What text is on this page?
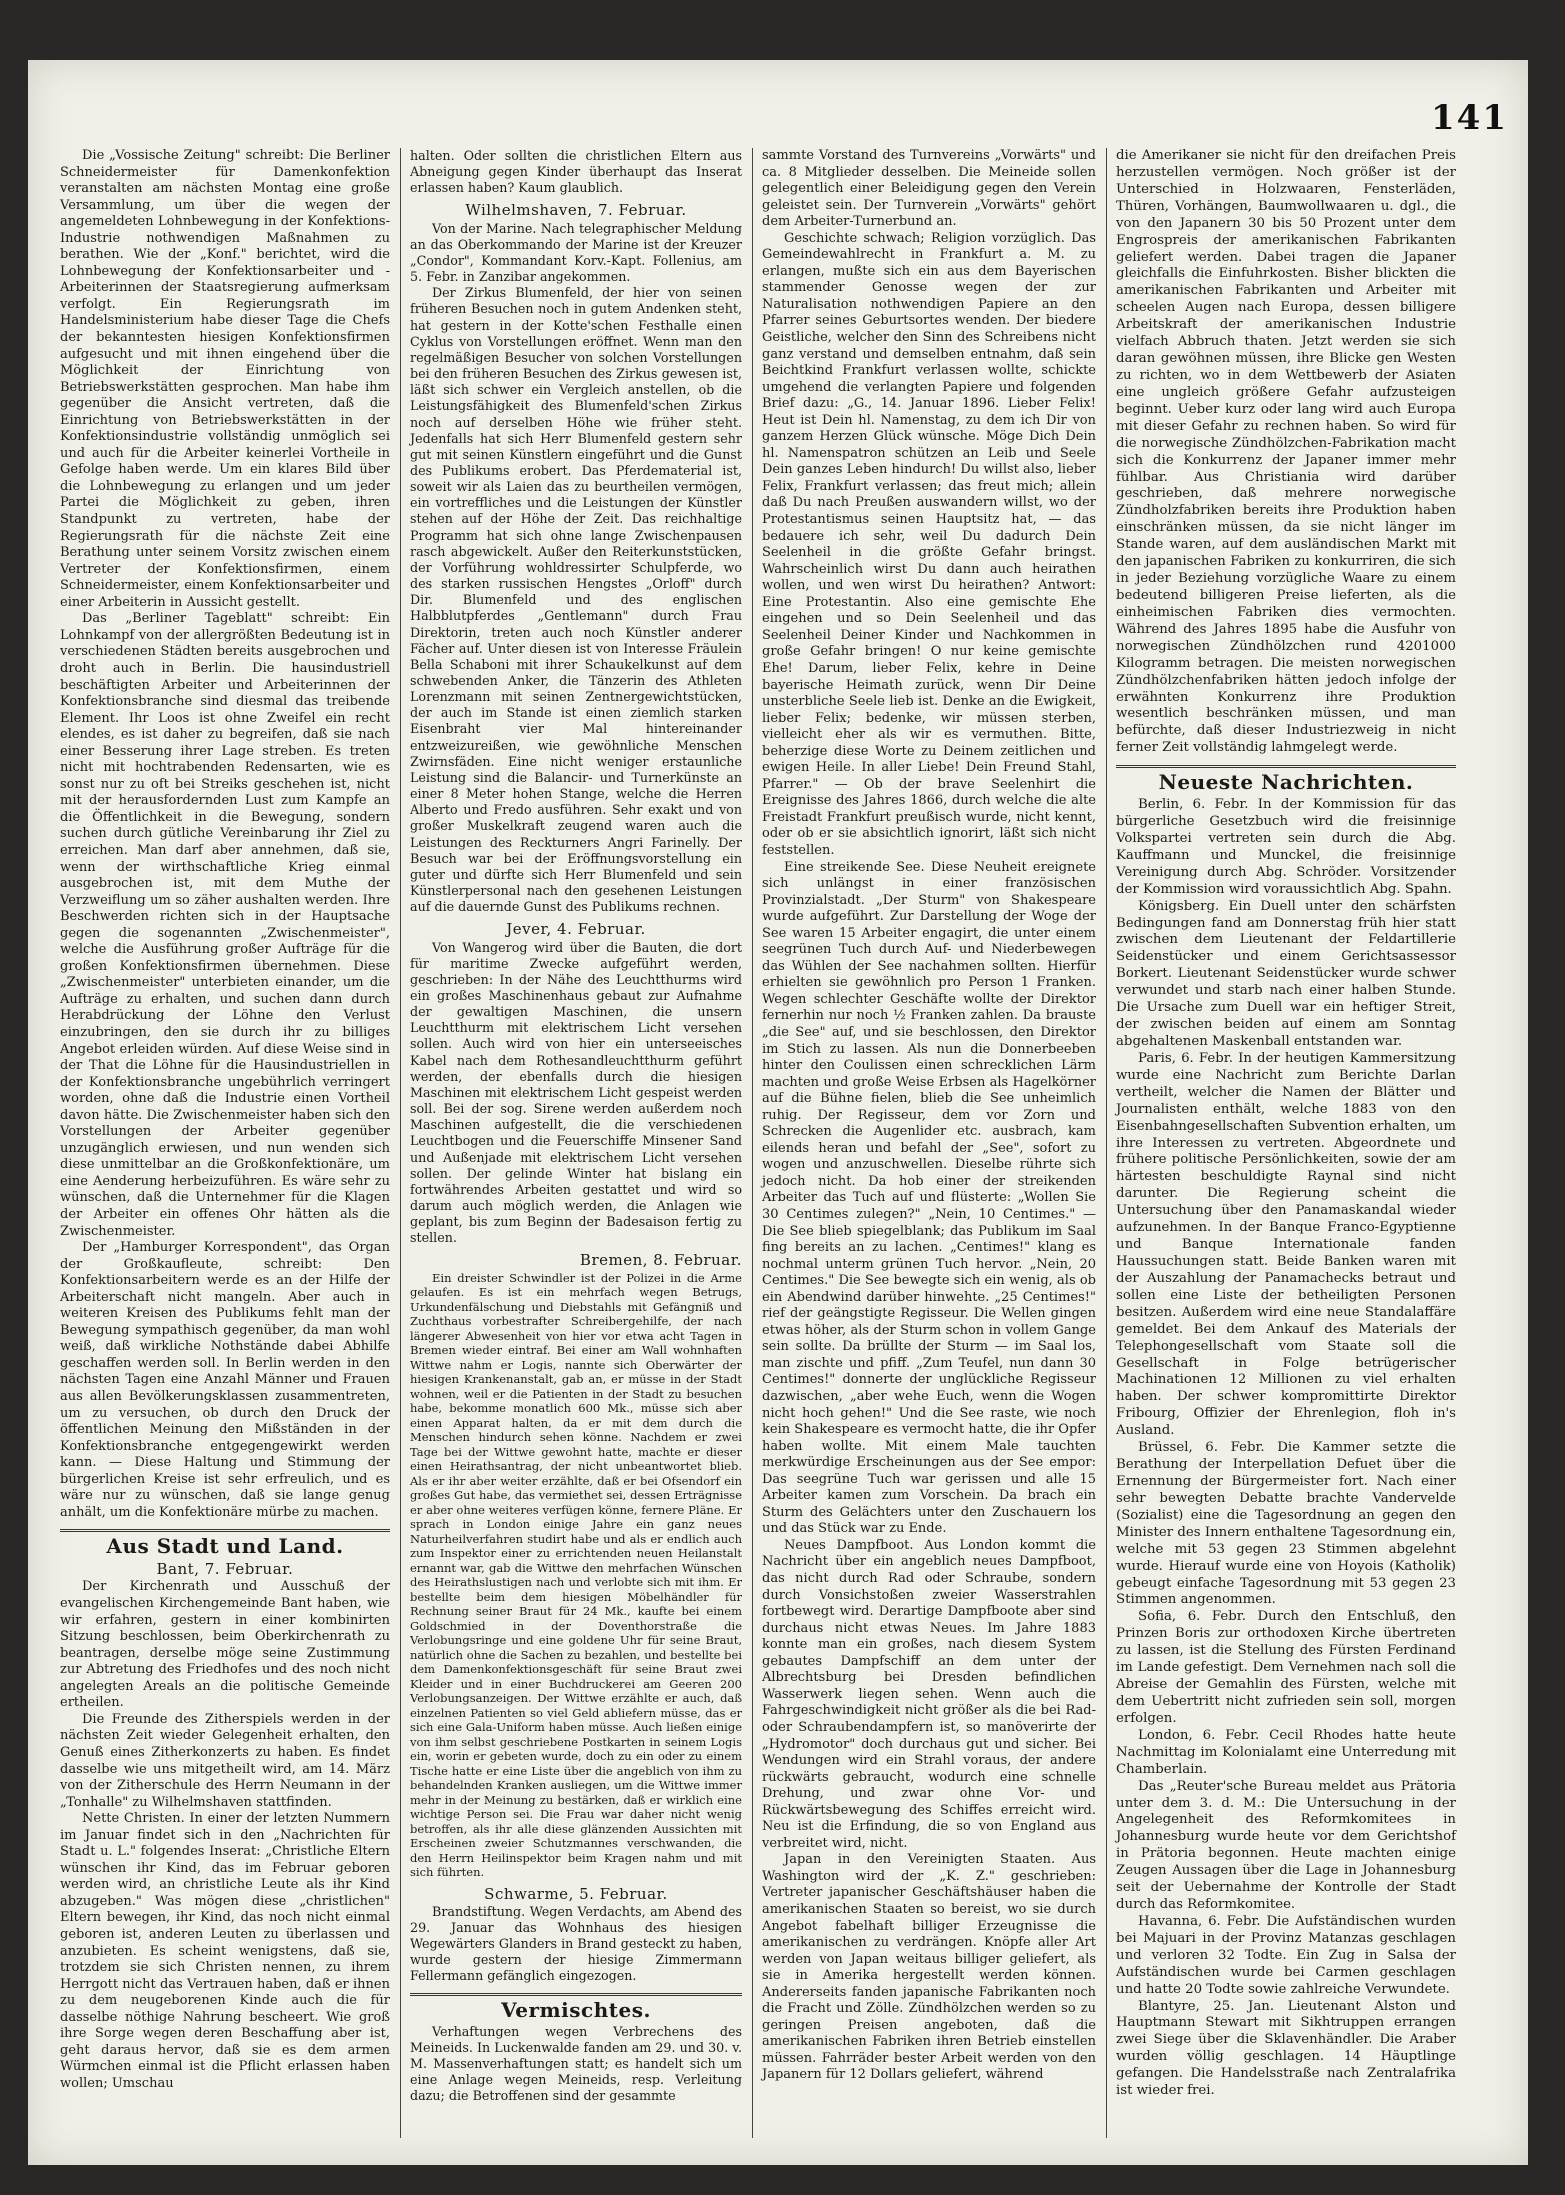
141

Die „Vossische Zeitung" schreibt: Die Berliner Schneidermeister für Damenkonfektion veranstalten am nächsten Montag eine große Versammlung, um über die wegen der angemeldeten Lohnbewegung in der Konfektions-Industrie nothwendigen Maßnahmen zu berathen. Wie der „Konf." berichtet, wird die Lohnbewegung der Konfektionsarbeiter und -Arbeiterinnen der Staatsregierung aufmerksam verfolgt. Ein Regierungsrath im Handelsministerium habe dieser Tage die Chefs der bekanntesten hiesigen Konfektionsfirmen aufgesucht und mit ihnen eingehend über die Möglichkeit der Einrichtung von Betriebswerkstätten gesprochen. Man habe ihm gegenüber die Ansicht vertreten, daß die Einrichtung von Betriebswerkstätten in der Konfektionsindustrie vollständig unmöglich sei und auch für die Arbeiter keinerlei Vortheile in Gefolge haben werde. Um ein klares Bild über die Lohnbewegung zu erlangen und um jeder Partei die Möglichkeit zu geben, ihren Standpunkt zu vertreten, habe der Regierungsrath für die nächste Zeit eine Berathung unter seinem Vorsitz zwischen einem Vertreter der Konfektionsfirmen, einem Schneidermeister, einem Konfektionsarbeiter und einer Arbeiterin in Aussicht gestellt.

Das „Berliner Tageblatt" schreibt: Ein Lohnkampf von der allergrößten Bedeutung ist in verschiedenen Städten bereits ausgebrochen und droht auch in Berlin. Die hausindustriell beschäftigten Arbeiter und Arbeiterinnen der Konfektionsbranche sind diesmal das treibende Element. Ihr Loos ist ohne Zweifel ein recht elendes, es ist daher zu begreifen, daß sie nach einer Besserung ihrer Lage streben. Es treten nicht mit hochtrabenden Redensarten, wie es sonst nur zu oft bei Streiks geschehen ist, nicht mit der herausfordernden Lust zum Kampfe an die Öffentlichkeit in die Bewegung, sondern suchen durch gütliche Vereinbarung ihr Ziel zu erreichen. Man darf aber annehmen, daß sie, wenn der wirthschaftliche Krieg einmal ausgebrochen ist, mit dem Muthe der Verzweiflung um so zäher aushalten werden. Ihre Beschwerden richten sich in der Hauptsache gegen die sogenannten „Zwischenmeister", welche die Ausführung großer Aufträge für die großen Konfektionsfirmen übernehmen. Diese „Zwischenmeister" unterbieten einander, um die Aufträge zu erhalten, und suchen dann durch Herabdrückung der Löhne den Verlust einzubringen, den sie durch ihr zu billiges Angebot erleiden würden. Auf diese Weise sind in der That die Löhne für die Hausindustriellen in der Konfektionsbranche ungebührlich verringert worden, ohne daß die Industrie einen Vortheil davon hätte. Die Zwischenmeister haben sich den Vorstellungen der Arbeiter gegenüber unzugänglich erwiesen, und nun wenden sich diese unmittelbar an die Großkonfektionäre, um eine Aenderung herbeizuführen. Es wäre sehr zu wünschen, daß die Unternehmer für die Klagen der Arbeiter ein offenes Ohr hätten als die Zwischenmeister.

Der „Hamburger Korrespondent", das Organ der Großkaufleute, schreibt: Den Konfektionsarbeitern werde es an der Hilfe der Arbeiterschaft nicht mangeln. Aber auch in weiteren Kreisen des Publikums fehlt man der Bewegung sympathisch gegenüber, da man wohl weiß, daß wirkliche Nothstände dabei Abhilfe geschaffen werden soll. In Berlin werden in den nächsten Tagen eine Anzahl Männer und Frauen aus allen Bevölkerungsklassen zusammentreten, um zu versuchen, ob durch den Druck der öffentlichen Meinung den Mißständen in der Konfektionsbranche entgegengewirkt werden kann. — Diese Haltung und Stimmung der bürgerlichen Kreise ist sehr erfreulich, und es wäre nur zu wünschen, daß sie lange genug anhält, um die Konfektionäre mürbe zu machen.

Aus Stadt und Land.
Bant, 7. Februar.

Der Kirchenrath und Ausschuß der evangelischen Kirchengemeinde Bant haben, wie wir erfahren, gestern in einer kombinirten Sitzung beschlossen, beim Oberkirchenrath zu beantragen, derselbe möge seine Zustimmung zur Abtretung des Friedhofes und des noch nicht angelegten Areals an die politische Gemeinde ertheilen.

Die Freunde des Zitherspiels werden in der nächsten Zeit wieder Gelegenheit erhalten, den Genuß eines Zitherkonzerts zu haben. Es findet dasselbe wie uns mitgetheilt wird, am 14. März von der Zitherschule des Herrn Neumann in der „Tonhalle" zu Wilhelmshaven stattfinden.

Nette Christen. In einer der letzten Nummern im Januar findet sich in den „Nachrichten für Stadt u. L." folgendes Inserat: „Christliche Eltern wünschen ihr Kind, das im Februar geboren werden wird, an christliche Leute als ihr Kind abzugeben." Was mögen diese „christlichen" Eltern bewegen, ihr Kind, das noch nicht einmal geboren ist, anderen Leuten zu überlassen und anzubieten. Es scheint wenigstens, daß sie, trotzdem sie sich Christen nennen, zu ihrem Herrgott nicht das Vertrauen haben, daß er ihnen zu dem neugeborenen Kinde auch die für dasselbe nöthige Nahrung bescheert. Wie groß ihre Sorge wegen deren Beschaffung aber ist, geht daraus hervor, daß sie es dem armen Würmchen einmal ist die Pflicht erlassen haben wollen; Umschau

halten. Oder sollten die christlichen Eltern aus Abneigung gegen Kinder überhaupt das Inserat erlassen haben? Kaum glaublich.

Wilhelmshaven, 7. Februar.

Von der Marine. Nach telegraphischer Meldung an das Oberkommando der Marine ist der Kreuzer „Condor", Kommandant Korv.-Kapt. Follenius, am 5. Febr. in Zanzibar angekommen.

Der Zirkus Blumenfeld, der hier von seinen früheren Besuchen noch in gutem Andenken steht, hat gestern in der Kotte'schen Festhalle einen Cyklus von Vorstellungen eröffnet. Wenn man den regelmäßigen Besucher von solchen Vorstellungen bei den früheren Besuchen des Zirkus gewesen ist, läßt sich schwer ein Vergleich anstellen, ob die Leistungsfähigkeit des Blumenfeld'schen Zirkus noch auf derselben Höhe wie früher steht. Jedenfalls hat sich Herr Blumenfeld gestern sehr gut mit seinen Künstlern eingeführt und die Gunst des Publikums erobert. Das Pferdematerial ist, soweit wir als Laien das zu beurtheilen vermögen, ein vortreffliches und die Leistungen der Künstler stehen auf der Höhe der Zeit. Das reichhaltige Programm hat sich ohne lange Zwischenpausen rasch abgewickelt. Außer den Reiterkunststücken, der Vorführung wohldressirter Schulpferde, wo des starken russischen Hengstes „Orloff" durch Dir. Blumenfeld und des englischen Halbblutpferdes „Gentlemann" durch Frau Direktorin, treten auch noch Künstler anderer Fächer auf. Unter diesen ist von Interesse Fräulein Bella Schaboni mit ihrer Schaukelkunst auf dem schwebenden Anker, die Tänzerin des Athleten Lorenzmann mit seinen Zentnergewichtstücken, der auch im Stande ist einen ziemlich starken Eisenbraht vier Mal hintereinander entzweizureißen, wie gewöhnliche Menschen Zwirnsfäden. Eine nicht weniger erstaunliche Leistung sind die Balancir- und Turnerkünste an einer 8 Meter hohen Stange, welche die Herren Alberto und Fredo ausführen. Sehr exakt und von großer Muskelkraft zeugend waren auch die Leistungen des Reckturners Angri Farinelly. Der Besuch war bei der Eröffnungsvorstellung ein guter und dürfte sich Herr Blumenfeld und sein Künstlerpersonal nach den gesehenen Leistungen auf die dauernde Gunst des Publikums rechnen.

Jever, 4. Februar.

Von Wangerog wird über die Bauten, die dort für maritime Zwecke aufgeführt werden, geschrieben: In der Nähe des Leuchtthurms wird ein großes Maschinenhaus gebaut zur Aufnahme der gewaltigen Maschinen, die unsern Leuchtthurm mit elektrischem Licht versehen sollen. Auch wird von hier ein unterseeisches Kabel nach dem Rothesandleuchtthurm geführt werden, der ebenfalls durch die hiesigen Maschinen mit elektrischem Licht gespeist werden soll. Bei der sog. Sirene werden außerdem noch Maschinen aufgestellt, die die verschiedenen Leuchtbogen und die Feuerschiffe Minsener Sand und Außenjade mit elektrischem Licht versehen sollen. Der gelinde Winter hat bislang ein fortwährendes Arbeiten gestattet und wird so darum auch möglich werden, die Anlagen wie geplant, bis zum Beginn der Badesaison fertig zu stellen.

Bremen, 8. Februar.

Ein dreister Schwindler ist der Polizei in die Arme gelaufen. Es ist ein mehrfach wegen Betrugs, Urkundenfälschung und Diebstahls mit Gefängniß und Zuchthaus vorbestrafter Schreibergehilfe, der nach längerer Abwesenheit von hier vor etwa acht Tagen in Bremen wieder eintraf. Bei einer am Wall wohnhaften Wittwe nahm er Logis, nannte sich Oberwärter der hiesigen Krankenanstalt, gab an, er müsse in der Stadt wohnen, weil er die Patienten in der Stadt zu besuchen habe, bekomme monatlich 600 Mk., müsse sich aber einen Apparat halten, da er mit dem durch die Menschen hindurch sehen könne. Nachdem er zwei Tage bei der Wittwe gewohnt hatte, machte er dieser einen Heirathsantrag, der nicht unbeantwortet blieb. Als er ihr aber weiter erzählte, daß er bei Ofsendorf ein großes Gut habe, das vermiethet sei, dessen Erträgnisse er aber ohne weiteres verfügen könne, fernere Pläne. Er sprach in London einige Jahre ein ganz neues Naturheilverfahren studirt habe und als er endlich auch zum Inspektor einer zu errichtenden neuen Heilanstalt ernannt war, gab die Wittwe den mehrfachen Wünschen des Heirathslustigen nach und verlobte sich mit ihm. Er bestellte beim dem hiesigen Möbelhändler für Rechnung seiner Braut für 24 Mk., kaufte bei einem Goldschmied in der Doventhorstraße die Verlobungsringe und eine goldene Uhr für seine Braut, natürlich ohne die Sachen zu bezahlen, und bestellte bei dem Damenkonfektionsgeschäft für seine Braut zwei Kleider und in einer Buchdruckerei am Geeren 200 Verlobungsanzeigen. Der Wittwe erzählte er auch, daß einzelnen Patienten so viel Geld abliefern müsse, das er sich eine Gala-Uniform haben müsse. Auch ließen einige von ihm selbst geschriebene Postkarten in seinem Logis ein, worin er gebeten wurde, doch zu ein oder zu einem Tische hatte er eine Liste über die angeblich von ihm zu behandelnden Kranken ausliegen, um die Wittwe immer mehr in der Meinung zu bestärken, daß er wirklich eine wichtige Person sei. Die Frau war daher nicht wenig betroffen, als ihr alle diese glänzenden Aussichten mit Erscheinen zweier Schutzmannes verschwanden, die den Herrn Heilinspektor beim Kragen nahm und mit sich führten.

Schwarme, 5. Februar.

Brandstiftung. Wegen Verdachts, am Abend des 29. Januar das Wohnhaus des hiesigen Wegewärters Glanders in Brand gesteckt zu haben, wurde gestern der hiesige Zimmermann Fellermann gefänglich eingezogen.

Vermischtes.

Verhaftungen wegen Verbrechens des Meineids. In Luckenwalde fanden am 29. und 30. v. M. Massenverhaftungen statt; es handelt sich um eine Anlage wegen Meineids, resp. Verleitung dazu; die Betroffenen sind der gesammte

sammte Vorstand des Turnvereins „Vorwärts" und ca. 8 Mitglieder desselben. Die Meineide sollen gelegentlich einer Beleidigung gegen den Verein geleistet sein. Der Turnverein „Vorwärts" gehört dem Arbeiter-Turnerbund an.

Geschichte schwach; Religion vorzüglich. Das Gemeindewahlrecht in Frankfurt a. M. zu erlangen, mußte sich ein aus dem Bayerischen stammender Genosse wegen der zur Naturalisation nothwendigen Papiere an den Pfarrer seines Geburtsortes wenden. Der biedere Geistliche, welcher den Sinn des Schreibens nicht ganz verstand und demselben entnahm, daß sein Beichtkind Frankfurt verlassen wollte, schickte umgehend die verlangten Papiere und folgenden Brief dazu: „G., 14. Januar 1896. Lieber Felix! Heut ist Dein hl. Namenstag, zu dem ich Dir von ganzem Herzen Glück wünsche. Möge Dich Dein hl. Namenspatron schützen an Leib und Seele Dein ganzes Leben hindurch! Du willst also, lieber Felix, Frankfurt verlassen; das freut mich; allein daß Du nach Preußen auswandern willst, wo der Protestantismus seinen Hauptsitz hat, — das bedauere ich sehr, weil Du dadurch Dein Seelenheil in die größte Gefahr bringst. Wahrscheinlich wirst Du dann auch heirathen wollen, und wen wirst Du heirathen? Antwort: Eine Protestantin. Also eine gemischte Ehe eingehen und so Dein Seelenheil und das Seelenheil Deiner Kinder und Nachkommen in große Gefahr bringen! O nur keine gemischte Ehe! Darum, lieber Felix, kehre in Deine bayerische Heimath zurück, wenn Dir Deine unsterbliche Seele lieb ist. Denke an die Ewigkeit, lieber Felix; bedenke, wir müssen sterben, vielleicht eher als wir es vermuthen. Bitte, beherzige diese Worte zu Deinem zeitlichen und ewigen Heile. In aller Liebe! Dein Freund Stahl, Pfarrer." — Ob der brave Seelenhirt die Ereignisse des Jahres 1866, durch welche die alte Freistadt Frankfurt preußisch wurde, nicht kennt, oder ob er sie absichtlich ignorirt, läßt sich nicht feststellen.

Eine streikende See. Diese Neuheit ereignete sich unlängst in einer französischen Provinzialstadt. „Der Sturm" von Shakespeare wurde aufgeführt. Zur Darstellung der Woge der See waren 15 Arbeiter engagirt, die unter einem seegrünen Tuch durch Auf- und Niederbewegen das Wühlen der See nachahmen sollten. Hierfür erhielten sie gewöhnlich pro Person 1 Franken. Wegen schlechter Geschäfte wollte der Direktor fernerhin nur noch ½ Franken zahlen. Da brauste „die See" auf, und sie beschlossen, den Direktor im Stich zu lassen. Als nun die Donnerbeeben hinter den Coulissen einen schrecklichen Lärm machten und große Weise Erbsen als Hagelkörner auf die Bühne fielen, blieb die See unheimlich ruhig. Der Regisseur, dem vor Zorn und Schrecken die Augenlider etc. ausbrach, kam eilends heran und befahl der „See", sofort zu wogen und anzuschwellen. Dieselbe rührte sich jedoch nicht. Da hob einer der streikenden Arbeiter das Tuch auf und flüsterte: „Wollen Sie 30 Centimes zulegen?" „Nein, 10 Centimes." — Die See blieb spiegelblank; das Publikum im Saal fing bereits an zu lachen. „Centimes!" klang es nochmal unterm grünen Tuch hervor. „Nein, 20 Centimes." Die See bewegte sich ein wenig, als ob ein Abendwind darüber hinwehte. „25 Centimes!" rief der geängstigte Regisseur. Die Wellen gingen etwas höher, als der Sturm schon in vollem Gange sein sollte. Da brüllte der Sturm — im Saal los, man zischte und pfiff. „Zum Teufel, nun dann 30 Centimes!" donnerte der unglückliche Regisseur dazwischen, „aber wehe Euch, wenn die Wogen nicht hoch gehen!" Und die See raste, wie noch kein Shakespeare es vermocht hatte, die ihr Opfer haben wollte. Mit einem Male tauchten merkwürdige Erscheinungen aus der See empor: Das seegrüne Tuch war gerissen und alle 15 Arbeiter kamen zum Vorschein. Da brach ein Sturm des Gelächters unter den Zuschauern los und das Stück war zu Ende.

Neues Dampfboot. Aus London kommt die Nachricht über ein angeblich neues Dampfboot, das nicht durch Rad oder Schraube, sondern durch Vonsichstoßen zweier Wasserstrahlen fortbewegt wird. Derartige Dampfboote aber sind durchaus nicht etwas Neues. Im Jahre 1883 konnte man ein großes, nach diesem System gebautes Dampfschiff an dem unter der Albrechtsburg bei Dresden befindlichen Wasserwerk liegen sehen. Wenn auch die Fahrgeschwindigkeit nicht größer als die bei Rad- oder Schraubendampfern ist, so manöverirte der „Hydromotor" doch durchaus gut und sicher. Bei Wendungen wird ein Strahl voraus, der andere rückwärts gebraucht, wodurch eine schnelle Drehung, und zwar ohne Vor- und Rückwärtsbewegung des Schiffes erreicht wird. Neu ist die Erfindung, die so von England aus verbreitet wird, nicht.

Japan in den Vereinigten Staaten. Aus Washington wird der „K. Z." geschrieben: Vertreter japanischer Geschäftshäuser haben die amerikanischen Staaten so bereist, wo sie durch Angebot fabelhaft billiger Erzeugnisse die amerikanischen zu verdrängen. Knöpfe aller Art werden von Japan weitaus billiger geliefert, als sie in Amerika hergestellt werden können. Andererseits fanden japanische Fabrikanten noch die Fracht und Zölle. Zündhölzchen werden so zu geringen Preisen angeboten, daß die amerikanischen Fabriken ihren Betrieb einstellen müssen. Fahrräder bester Arbeit werden von den Japanern für 12 Dollars geliefert, während

die Amerikaner sie nicht für den dreifachen Preis herzustellen vermögen. Noch größer ist der Unterschied in Holzwaaren, Fensterläden, Thüren, Vorhängen, Baumwollwaaren u. dgl., die von den Japanern 30 bis 50 Prozent unter dem Engrospreis der amerikanischen Fabrikanten geliefert werden. Dabei tragen die Japaner gleichfalls die Einfuhrkosten. Bisher blickten die amerikanischen Fabrikanten und Arbeiter mit scheelen Augen nach Europa, dessen billigere Arbeitskraft der amerikanischen Industrie vielfach Abbruch thaten. Jetzt werden sie sich daran gewöhnen müssen, ihre Blicke gen Westen zu richten, wo in dem Wettbewerb der Asiaten eine ungleich größere Gefahr aufzusteigen beginnt. Ueber kurz oder lang wird auch Europa mit dieser Gefahr zu rechnen haben. So wird für die norwegische Zündhölzchen-Fabrikation macht sich die Konkurrenz der Japaner immer mehr fühlbar. Aus Christiania wird darüber geschrieben, daß mehrere norwegische Zündholzfabriken bereits ihre Produktion haben einschränken müssen, da sie nicht länger im Stande waren, auf dem ausländischen Markt mit den japanischen Fabriken zu konkurriren, die sich in jeder Beziehung vorzügliche Waare zu einem bedeutend billigeren Preise lieferten, als die einheimischen Fabriken dies vermochten. Während des Jahres 1895 habe die Ausfuhr von norwegischen Zündhölzchen rund 4201000 Kilogramm betragen. Die meisten norwegischen Zündhölzchenfabriken hätten jedoch infolge der erwähnten Konkurrenz ihre Produktion wesentlich beschränken müssen, und man befürchte, daß dieser Industriezweig in nicht ferner Zeit vollständig lahmgelegt werde.

Neueste Nachrichten.

Berlin, 6. Febr. In der Kommission für das bürgerliche Gesetzbuch wird die freisinnige Volkspartei vertreten sein durch die Abg. Kauffmann und Munckel, die freisinnige Vereinigung durch Abg. Schröder. Vorsitzender der Kommission wird voraussichtlich Abg. Spahn.

Königsberg. Ein Duell unter den schärfsten Bedingungen fand am Donnerstag früh hier statt zwischen dem Lieutenant der Feldartillerie Seidenstücker und einem Gerichtsassessor Borkert. Lieutenant Seidenstücker wurde schwer verwundet und starb nach einer halben Stunde. Die Ursache zum Duell war ein heftiger Streit, der zwischen beiden auf einem am Sonntag abgehaltenen Maskenball entstanden war.

Paris, 6. Febr. In der heutigen Kammersitzung wurde eine Nachricht zum Berichte Darlan vertheilt, welcher die Namen der Blätter und Journalisten enthält, welche 1883 von den Eisenbahngesellschaften Subvention erhalten, um ihre Interessen zu vertreten. Abgeordnete und frühere politische Persönlichkeiten, sowie der am härtesten beschuldigte Raynal sind nicht darunter. Die Regierung scheint die Untersuchung über den Panamaskandal wieder aufzunehmen. In der Banque Franco-Egyptienne und Banque Internationale fanden Haussuchungen statt. Beide Banken waren mit der Auszahlung der Panamachecks betraut und sollen eine Liste der betheiligten Personen besitzen. Außerdem wird eine neue Standalaffäre gemeldet. Bei dem Ankauf des Materials der Telephongesellschaft vom Staate soll die Gesellschaft in Folge betrügerischer Machinationen 12 Millionen zu viel erhalten haben. Der schwer kompromittirte Direktor Fribourg, Offizier der Ehrenlegion, floh in's Ausland.

Brüssel, 6. Febr. Die Kammer setzte die Berathung der Interpellation Defuet über die Ernennung der Bürgermeister fort. Nach einer sehr bewegten Debatte brachte Vandervelde (Sozialist) eine die Tagesordnung an gegen den Minister des Innern enthaltene Tagesordnung ein, welche mit 53 gegen 23 Stimmen abgelehnt wurde. Hierauf wurde eine von Hoyois (Katholik) gebeugt einfache Tagesordnung mit 53 gegen 23 Stimmen angenommen.

Sofia, 6. Febr. Durch den Entschluß, den Prinzen Boris zur orthodoxen Kirche übertreten zu lassen, ist die Stellung des Fürsten Ferdinand im Lande gefestigt. Dem Vernehmen nach soll die Abreise der Gemahlin des Fürsten, welche mit dem Uebertritt nicht zufrieden sein soll, morgen erfolgen.

London, 6. Febr. Cecil Rhodes hatte heute Nachmittag im Kolonialamt eine Unterredung mit Chamberlain.

Das „Reuter'sche Bureau meldet aus Prätoria unter dem 3. d. M.: Die Untersuchung in der Angelegenheit des Reformkomitees in Johannesburg wurde heute vor dem Gerichtshof in Prätoria begonnen. Heute machten einige Zeugen Aussagen über die Lage in Johannesburg seit der Uebernahme der Kontrolle der Stadt durch das Reformkomitee.

Havanna, 6. Febr. Die Aufständischen wurden bei Majuari in der Provinz Matanzas geschlagen und verloren 32 Todte. Ein Zug in Salsa der Aufständischen wurde bei Carmen geschlagen und hatte 20 Todte sowie zahlreiche Verwundete.

Blantyre, 25. Jan. Lieutenant Alston und Hauptmann Stewart mit Sikhtruppen errangen zwei Siege über die Sklavenhändler. Die Araber wurden völlig geschlagen. 14 Häuptlinge gefangen. Die Handelsstraße nach Zentralafrika ist wieder frei.
